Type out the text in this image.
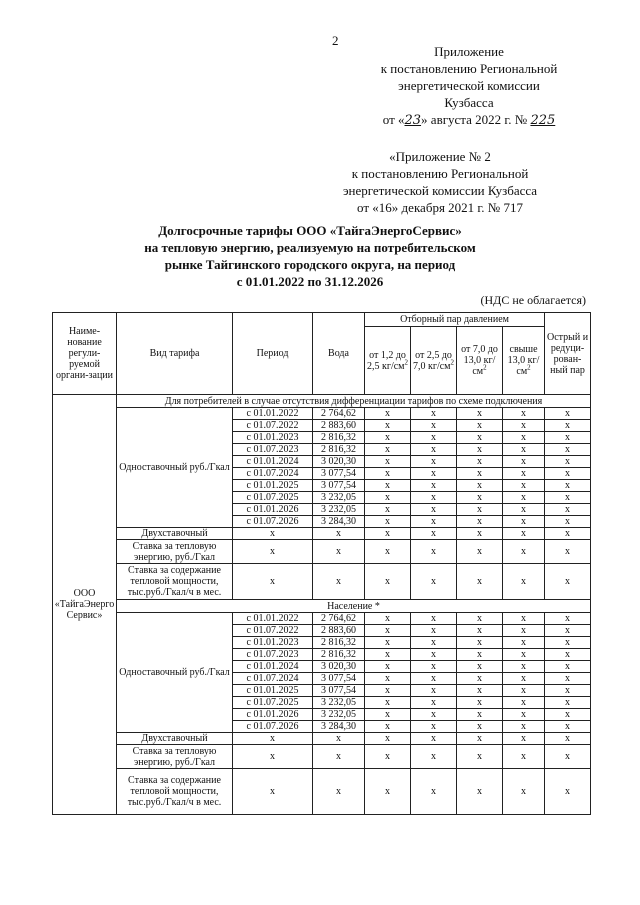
2
Приложение
к постановлению Региональной
энергетической комиссии
Кузбасса
от «23» августа 2022 г. № 225
«Приложение № 2
к постановлению Региональной
энергетической комиссии Кузбасса
от «16» декабря 2021 г. № 717
Долгосрочные тарифы ООО «ТайгаЭнергоСервис»
на тепловую энергию, реализуемую на потребительском
рынке Тайгинского городского округа, на период
с 01.01.2022 по 31.12.2026
(НДС не облагается)
Наиме-нование регули-руемой органи-зации	Вид тарифа	Период	Вода	Отборный пар давлением				Острый и редуци-рован-ный пар
				от 1,2 до 2,5 $кг/см^2$	от 2,5 до 7,0 $кг/см^2$	от 7,0 до 13,0 $кг/см^2$	свыше 13,0 $кг/см^2$
ООО «ТайгаЭнерго Сервис»	Для потребителей в случае отсутствия дифференциации тарифов по схеме подключения							
	Одноставочный руб./Гкал	с 01.01.2022	2 764,62	х	х	х	х	х
		с 01.07.2022	2 883,60	х	х	х	х	х
		с 01.01.2023	2 816,32	х	х	х	х	х
		с 01.07.2023	2 816,32	х	х	х	х	х
		с 01.01.2024	3 020,30	х	х	х	х	х
		с 01.07.2024	3 077,54	х	х	х	х	х
		с 01.01.2025	3 077,54	х	х	х	х	х
		с 01.07.2025	3 232,05	х	х	х	х	х
		с 01.01.2026	3 232,05	х	х	х	х	х
		с 01.07.2026	3 284,30	х	х	х	х	х
	Двухставочный	х	х	х	х	х	х	х
	Ставка за тепловую энергию, руб./Гкал	х	х	х	х	х	х	х
	Ставка за содержание тепловой мощности, тыс.руб./Гкал/ч в мес.	х	х	х	х	х	х	х
	Население *							
	Одноставочный руб./Гкал	с 01.01.2022	2 764,62	х	х	х	х	х
		с 01.07.2022	2 883,60	х	х	х	х	х
		с 01.01.2023	2 816,32	х	х	х	х	х
		с 01.07.2023	2 816,32	х	х	х	х	х
		с 01.01.2024	3 020,30	х	х	х	х	х
		с 01.07.2024	3 077,54	х	х	х	х	х
		с 01.01.2025	3 077,54	х	х	х	х	х
		с 01.07.2025	3 232,05	х	х	х	х	х
		с 01.01.2026	3 232,05	х	х	х	х	х
		с 01.07.2026	3 284,30	х	х	х	х	х
	Двухставочный	х	х	х	х	х	х	х
	Ставка за тепловую энергию, руб./Гкал	х	х	х	х	х	х	х
	Ставка за содержание тепловой мощности, тыс.руб./Гкал/ч в мес.	х	х	х	х	х	х	х
